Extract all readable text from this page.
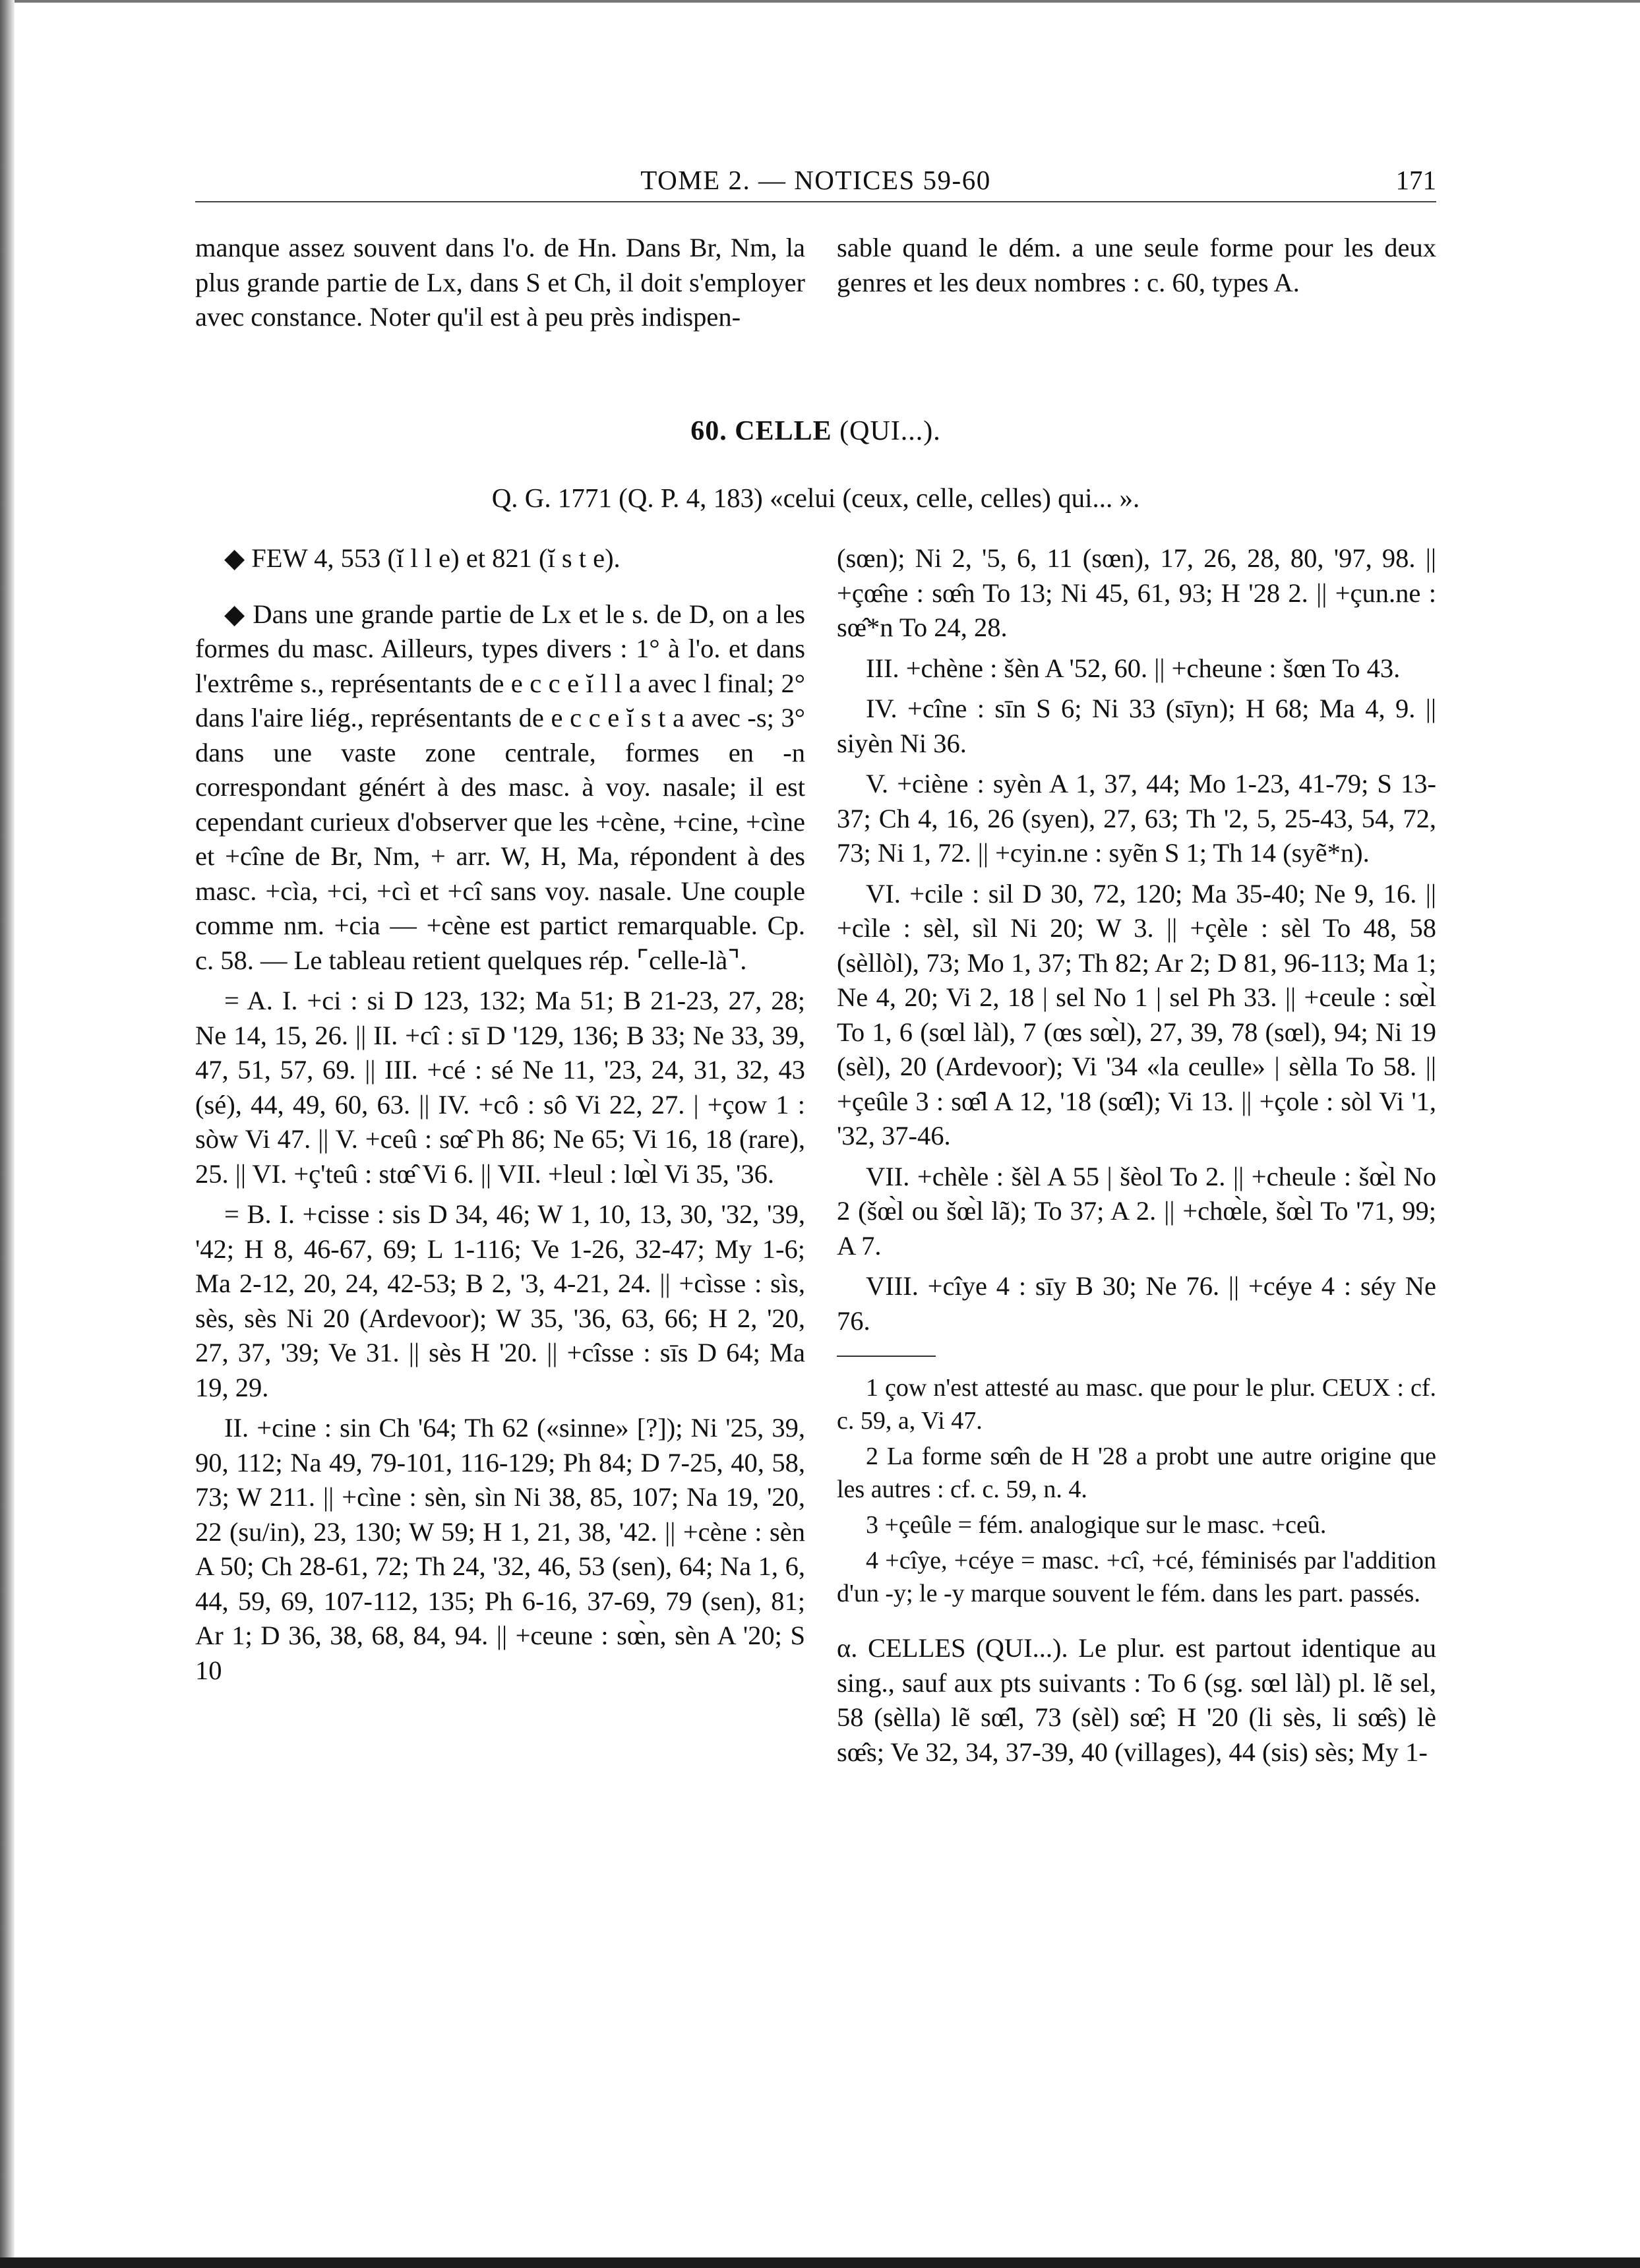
TOME 2. — NOTICES 59-60	171

manque assez souvent dans l'o. de Hn. Dans Br, Nm, la plus grande partie de Lx, dans S et Ch, il doit s'employer avec constance. Noter qu'il est à peu près indispen-

sable quand le dém. a une seule forme pour les deux genres et les deux nombres : c. 60, types A.

60. CELLE (QUI...).
Q. G. 1771 (Q. P. 4, 183) «celui (ceux, celle, celles) qui... ».

◆ FEW 4, 553 (ĭ l l e) et 821 (ĭ s t e).

◆ Dans une grande partie de Lx et le s. de D, on a les formes du masc. Ailleurs, types divers : 1° à l'o. et dans l'extrême s., représentants de e c c e ĭ l l a avec l final; 2° dans l'aire liég., représentants de e c c e ĭ s t a avec -s; 3° dans une vaste zone centrale, formes en -n correspondant génért à des masc. à voy. nasale; il est cependant curieux d'observer que les +cène, +cine, +cìne et +cîne de Br, Nm, + arr. W, H, Ma, répondent à des masc. +cìa, +ci, +cì et +cî sans voy. nasale. Une couple comme nm. +cia — +cène est partict remarquable. Cp. c. 58. — Le tableau retient quelques rép. ⌜celle-là⌝.

= A. I. +ci : si D 123, 132; Ma 51; B 21-23, 27, 28; Ne 14, 15, 26. || II. +cî : sī D '129, 136; B 33; Ne 33, 39, 47, 51, 57, 69. || III. +cé : sé Ne 11, '23, 24, 31, 32, 43 (sé), 44, 49, 60, 63. || IV. +cô : sô Vi 22, 27. | +çow 1 : sòw Vi 47. || V. +ceû : sœ̂ Ph 86; Ne 65; Vi 16, 18 (rare), 25. || VI. +ç'teû : stœ̂ Vi 6. || VII. +leul : lœ̀l Vi 35, '36.

= B. I. +cisse : sis D 34, 46; W 1, 10, 13, 30, '32, '39, '42; H 8, 46-67, 69; L 1-116; Ve 1-26, 32-47; My 1-6; Ma 2-12, 20, 24, 42-53; B 2, '3, 4-21, 24. || +cìsse : sìs, sès, sès Ni 20 (Ardevoor); W 35, '36, 63, 66; H 2, '20, 27, 37, '39; Ve 31. || sès H '20. || +cîsse : sīs D 64; Ma 19, 29.

II. +cine : sin Ch '64; Th 62 («sinne» [?]); Ni '25, 39, 90, 112; Na 49, 79-101, 116-129; Ph 84; D 7-25, 40, 58, 73; W 211. || +cìne : sèn, sìn Ni 38, 85, 107; Na 19, '20, 22 (su/in), 23, 130; W 59; H 1, 21, 38, '42. || +cène : sèn A 50; Ch 28-61, 72; Th 24, '32, 46, 53 (sen), 64; Na 1, 6, 44, 59, 69, 107-112, 135; Ph 6-16, 37-69, 79 (sen), 81; Ar 1; D 36, 38, 68, 84, 94. || +ceune : sœ̀n, sèn A '20; S 10

(sœn); Ni 2, '5, 6, 11 (sœn), 17, 26, 28, 80, '97, 98. || +çœ̂ne : sœ̂n To 13; Ni 45, 61, 93; H '28 2. || +çun.ne : sœ̂*n To 24, 28.

III. +chène : šèn A '52, 60. || +cheune : šœn To 43.

IV. +cîne : sīn S 6; Ni 33 (sīyn); H 68; Ma 4, 9. || siyèn Ni 36.

V. +ciène : syèn A 1, 37, 44; Mo 1-23, 41-79; S 13-37; Ch 4, 16, 26 (syen), 27, 63; Th '2, 5, 25-43, 54, 72, 73; Ni 1, 72. || +cyin.ne : syẽn S 1; Th 14 (syẽ*n).

VI. +cile : sil D 30, 72, 120; Ma 35-40; Ne 9, 16. || +cìle : sèl, sìl Ni 20; W 3. || +çèle : sèl To 48, 58 (sèllòl), 73; Mo 1, 37; Th 82; Ar 2; D 81, 96-113; Ma 1; Ne 4, 20; Vi 2, 18 | sel No 1 | sel Ph 33. || +ceule : sœ̀l To 1, 6 (sœl làl), 7 (œs sœ̀l), 27, 39, 78 (sœl), 94; Ni 19 (sèl), 20 (Ardevoor); Vi '34 «la ceulle» | sèlla To 58. || +çeûle 3 : sœ̂l A 12, '18 (sœ̂l); Vi 13. || +çole : sòl Vi '1, '32, 37-46.

VII. +chèle : šèl A 55 | šèol To 2. || +cheule : šœ̀l No 2 (šœ̀l ou šœ̀l lã); To 37; A 2. || +chœ̀le, šœ̀l To '71, 99; A 7.

VIII. +cîye 4 : sīy B 30; Ne 76. || +céye 4 : séy Ne 76.

1 çow n'est attesté au masc. que pour le plur. CEUX : cf. c. 59, a, Vi 47.

2 La forme sœ̂n de H '28 a probt une autre origine que les autres : cf. c. 59, n. 4.

3 +çeûle = fém. analogique sur le masc. +ceû.

4 +cîye, +céye = masc. +cî, +cé, féminisés par l'addition d'un -y; le -y marque souvent le fém. dans les part. passés.

α. CELLES (QUI...). Le plur. est partout identique au sing., sauf aux pts suivants : To 6 (sg. sœl làl) pl. lẽ sel, 58 (sèlla) lẽ sœ̂l, 73 (sèl) sœ̂; H '20 (li sès, li sœ̂s) lè sœ̂s; Ve 32, 34, 37-39, 40 (villages), 44 (sis) sès; My 1-
